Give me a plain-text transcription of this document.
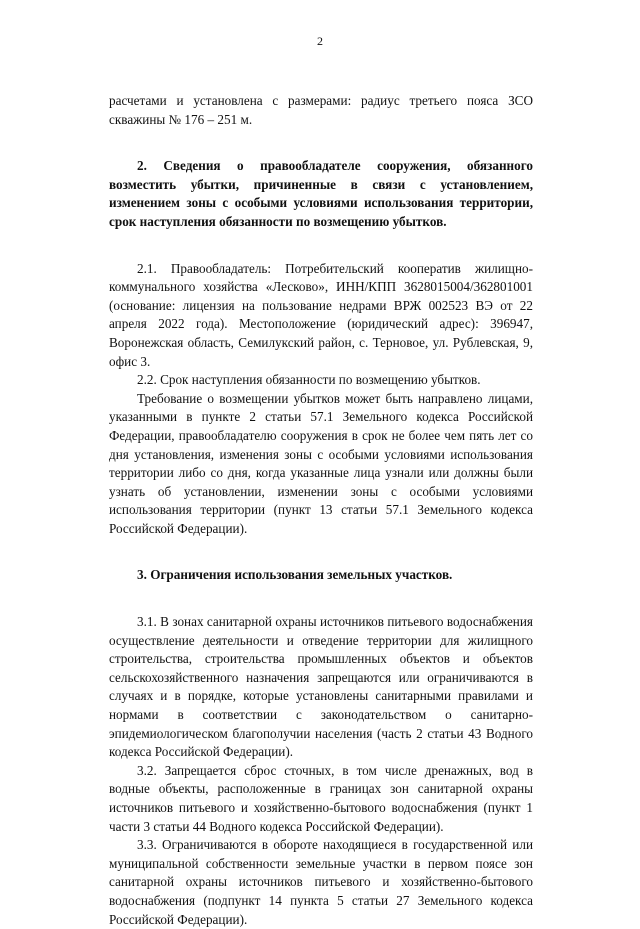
2

расчетами и установлена с размерами: радиус третьего пояса ЗСО скважины № 176 – 251 м.

2. Сведения о правообладателе сооружения, обязанного возместить убытки, причиненные в связи с установлением, изменением зоны с особыми условиями использования территории, срок наступления обязанности по возмещению убытков.

2.1. Правообладатель: Потребительский кооператив жилищно-коммунального хозяйства «Лесково», ИНН/КПП 3628015004/362801001 (основание: лицензия на пользование недрами ВРЖ 002523 ВЭ от 22 апреля 2022 года). Местоположение (юридический адрес): 396947, Воронежская область, Семилукский район, с. Терновое, ул. Рублевская, 9, офис 3.

2.2. Срок наступления обязанности по возмещению убытков.

Требование о возмещении убытков может быть направлено лицами, указанными в пункте 2 статьи 57.1 Земельного кодекса Российской Федерации, правообладателю сооружения в срок не более чем пять лет со дня установления, изменения зоны с особыми условиями использования территории либо со дня, когда указанные лица узнали или должны были узнать об установлении, изменении зоны с особыми условиями использования территории (пункт 13 статьи 57.1 Земельного кодекса Российской Федерации).

3. Ограничения использования земельных участков.

3.1. В зонах санитарной охраны источников питьевого водоснабжения осуществление деятельности и отведение территории для жилищного строительства, строительства промышленных объектов и объектов сельскохозяйственного назначения запрещаются или ограничиваются в случаях и в порядке, которые установлены санитарными правилами и нормами в соответствии с законодательством о санитарно-эпидемиологическом благополучии населения (часть 2 статьи 43 Водного кодекса Российской Федерации).

3.2. Запрещается сброс сточных, в том числе дренажных, вод в водные объекты, расположенные в границах зон санитарной охраны источников питьевого и хозяйственно-бытового водоснабжения (пункт 1 части 3 статьи 44 Водного кодекса Российской Федерации).

3.3. Ограничиваются в обороте находящиеся в государственной или муниципальной собственности земельные участки в первом поясе зон санитарной охраны источников питьевого и хозяйственно-бытового водоснабжения (подпункт 14 пункта 5 статьи 27 Земельного кодекса Российской Федерации).
